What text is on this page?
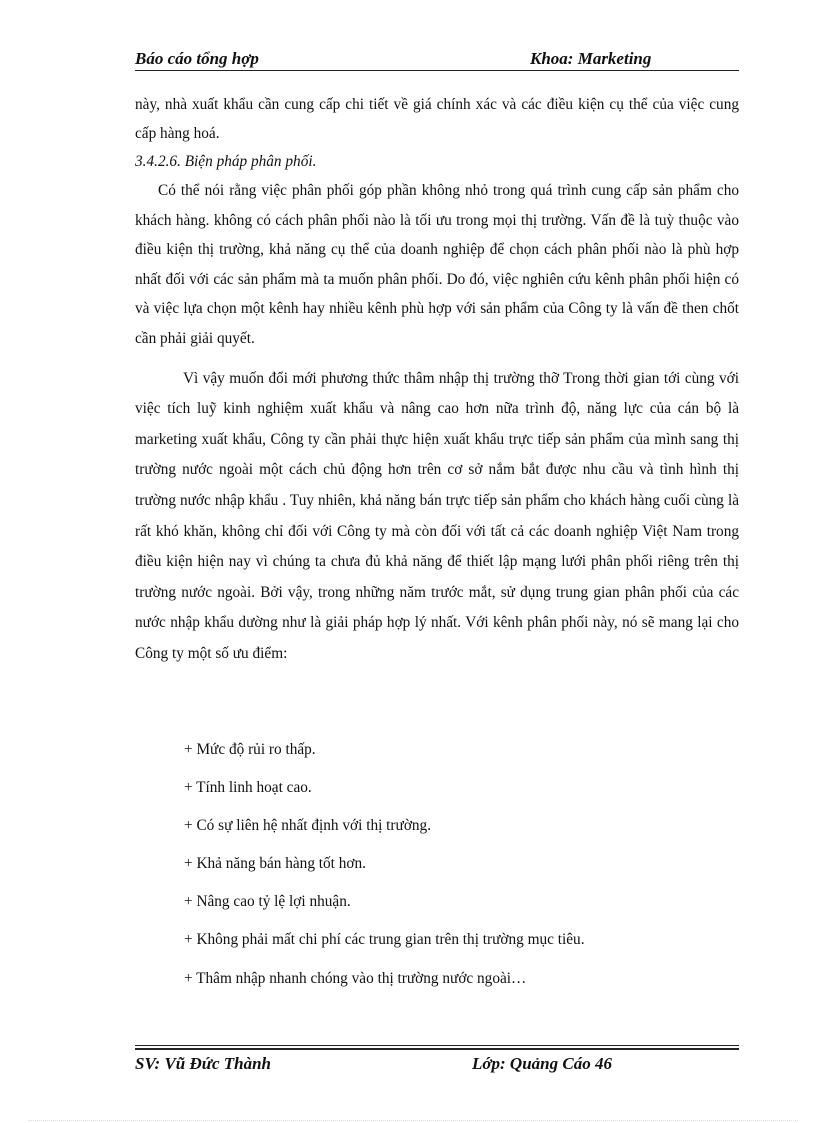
Báo cáo tổng hợp	Khoa: Marketing

này, nhà xuất khẩu cần cung cấp chi tiết về giá chính xác và các điều kiện cụ thể của việc cung cấp hàng hoá.

3.4.2.6. Biện pháp phân phối.

Có thể nói rằng việc phân phối góp phần không nhỏ trong quá trình cung cấp sản phẩm cho khách hàng. không có cách phân phối nào là tối ưu trong mọi thị trường. Vấn đề là tuỳ thuộc vào điều kiện thị trường, khả năng cụ thể của doanh nghiệp để chọn cách phân phối nào là phù hợp nhất đối với các sản phẩm mà ta muốn phân phối. Do đó, việc nghiên cứu kênh phân phối hiện có và việc lựa chọn một kênh hay nhiều kênh phù hợp với sản phẩm của Công ty là vấn đề then chốt cần phải giải quyết.

Vì vậy muốn đổi mới phương thức thâm nhập thị trường thỡ Trong thời gian tới cùng với việc tích luỹ kinh nghiệm xuất khẩu và nâng cao hơn nữa trình độ, năng lực của cán bộ là marketing xuất khẩu, Công ty cần phải thực hiện xuất khẩu trực tiếp sản phẩm của mình sang thị trường nước ngoài một cách chủ động hơn trên cơ sở nắm bắt được nhu cầu và tình hình thị trường nước nhập khẩu . Tuy nhiên, khả năng bán trực tiếp sản phẩm cho khách hàng cuối cùng là rất khó khăn, không chỉ đối với Công ty mà còn đối với tất cả các doanh nghiệp Việt Nam trong điều kiện hiện nay vì chúng ta chưa đủ khả năng để thiết lập mạng lưới phân phối riêng trên thị trường nước ngoài. Bởi vậy, trong những năm trước mắt, sử dụng trung gian phân phối của các nước nhập khẩu dường như là giải pháp hợp lý nhất. Với kênh phân phối này, nó sẽ mang lại cho Công ty một số ưu điểm:

+ Mức độ rủi ro thấp.
+ Tính linh hoạt cao.
+ Có sự liên hệ nhất định với thị trường.
+ Khả năng bán hàng tốt hơn.
+ Nâng cao tỷ lệ lợi nhuận.
+ Không phải mất chi phí các trung gian trên thị trường mục tiêu.
+ Thâm nhập nhanh chóng vào thị trường nước ngoài…
SV: Vũ Đức Thành	Lớp: Quảng Cáo 46
